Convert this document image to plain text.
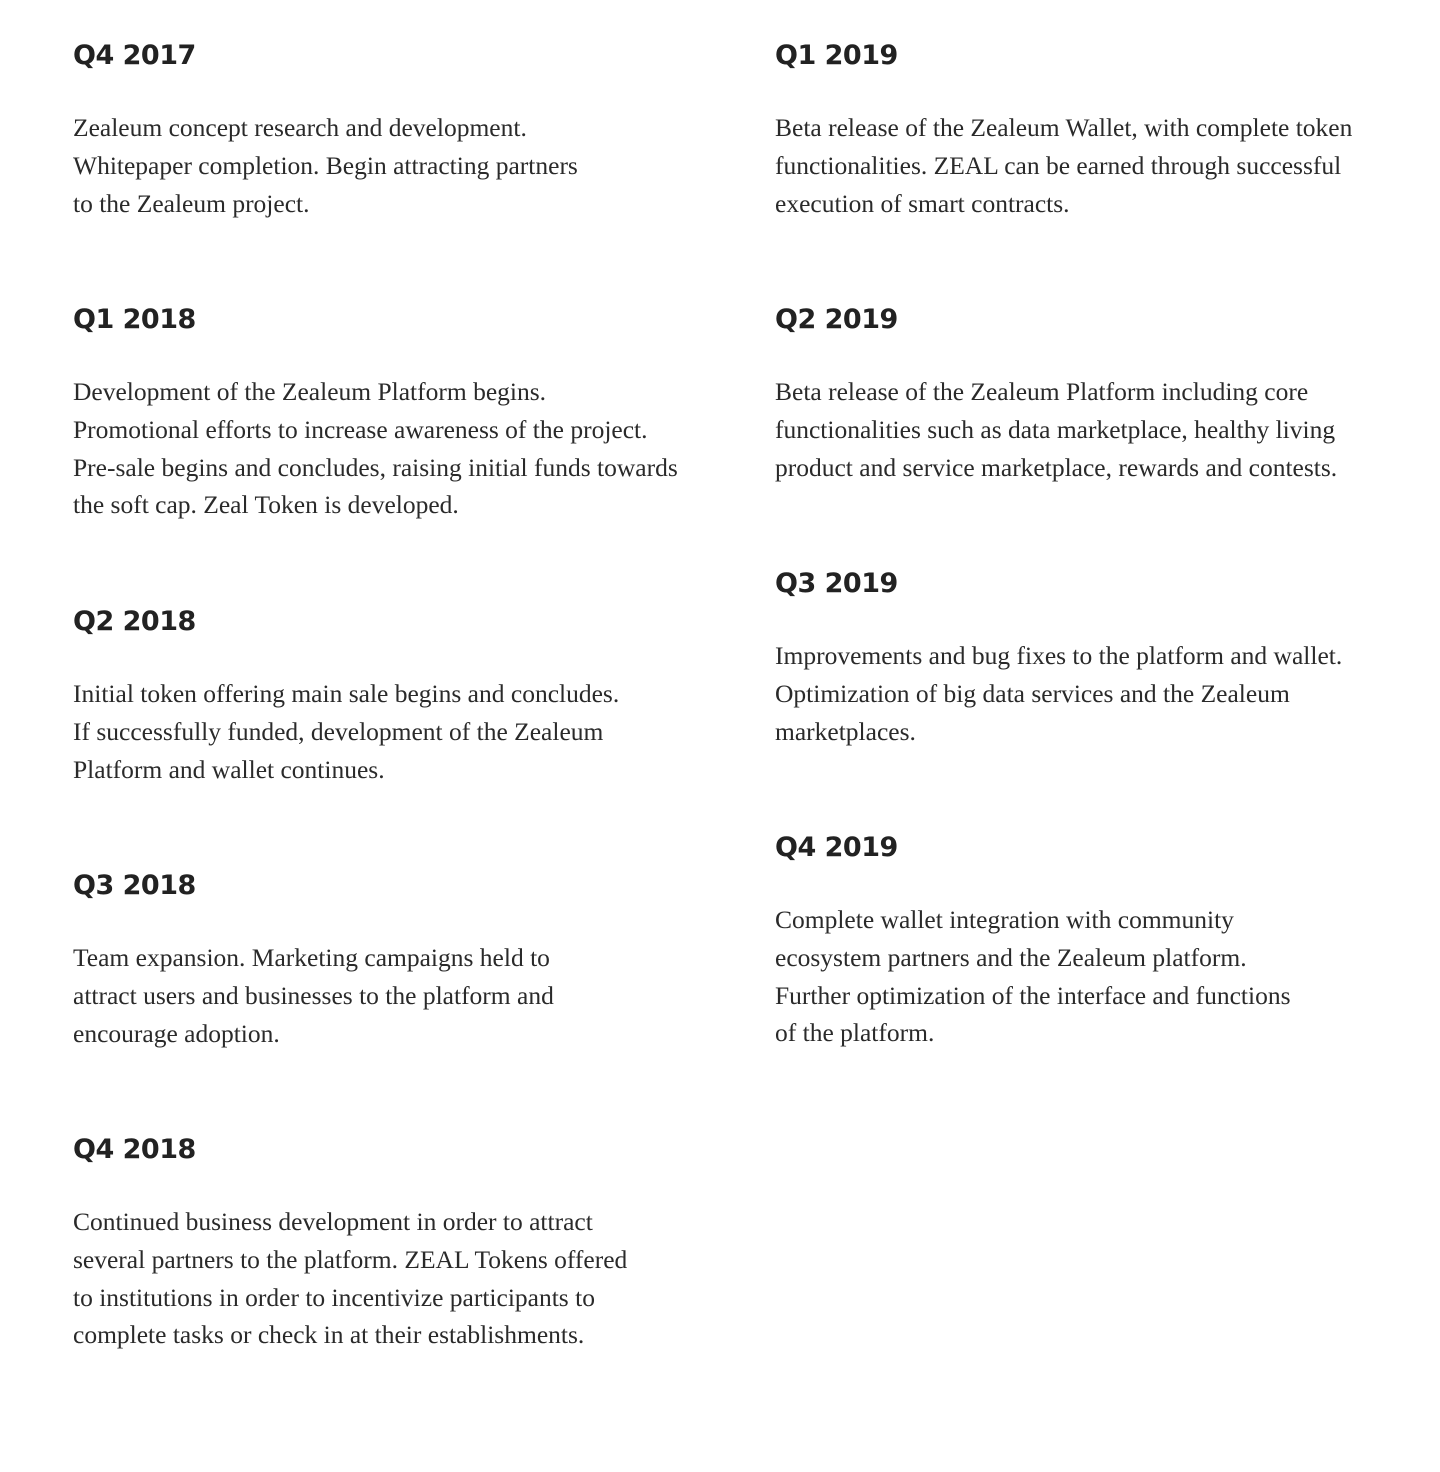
Q4 2017

Zealeum concept research and development.
Whitepaper completion. Begin attracting partners
to the Zealeum project.

Q1 2018

Development of the Zealeum Platform begins.
Promotional efforts to increase awareness of the project.
Pre-sale begins and concludes, raising initial funds towards
the soft cap. Zeal Token is developed.

Q2 2018

Initial token offering main sale begins and concludes.
If successfully funded, development of the Zealeum
Platform and wallet continues.

Q3 2018

Team expansion. Marketing campaigns held to
attract users and businesses to the platform and
encourage adoption.

Q4 2018

Continued business development in order to attract
several partners to the platform. ZEAL Tokens offered
to institutions in order to incentivize participants to
complete tasks or check in at their establishments.

Q1 2019

Beta release of the Zealeum Wallet, with complete token
functionalities. ZEAL can be earned through successful
execution of smart contracts.

Q2 2019

Beta release of the Zealeum Platform including core
functionalities such as data marketplace, healthy living
product and service marketplace, rewards and contests.

Q3 2019

Improvements and bug fixes to the platform and wallet.
Optimization of big data services and the Zealeum
marketplaces.

Q4 2019

Complete wallet integration with community
ecosystem partners and the Zealeum platform.
Further optimization of the interface and functions
of the platform.
